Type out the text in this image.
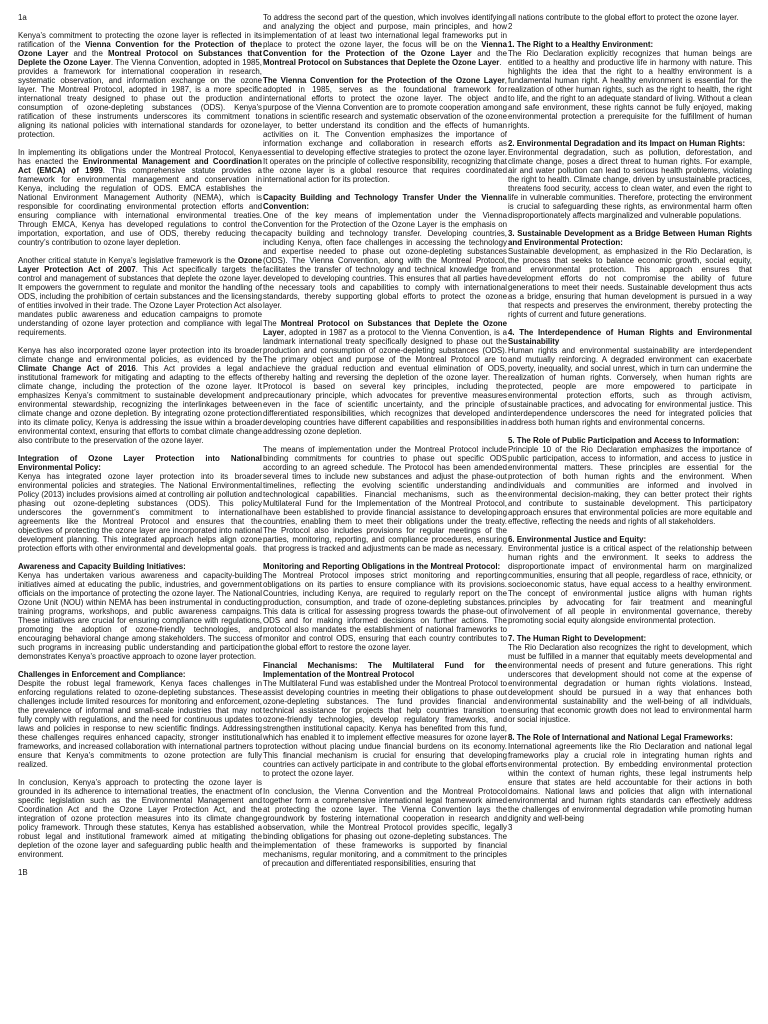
1a

Kenya’s commitment to protecting the ozone layer is reflected in its ratification of the Vienna Convention for the Protection of the Ozone Layer and the Montreal Protocol on Substances that Deplete the Ozone Layer. The Vienna Convention, adopted in 1985, provides a framework for international cooperation in research, systematic observation, and information exchange on the ozone layer. The Montreal Protocol, adopted in 1987, is a more specific international treaty designed to phase out the production and consumption of ozone-depleting substances (ODS). Kenya’s ratification of these instruments underscores its commitment to aligning its national policies with international standards for ozone protection.

In implementing its obligations under the Montreal Protocol, Kenya has enacted the Environmental Management and Coordination Act (EMCA) of 1999. This comprehensive statute provides a framework for environmental management and conservation in Kenya, including the regulation of ODS. EMCA establishes the National Environment Management Authority (NEMA), which is responsible for coordinating environmental protection efforts and ensuring compliance with international environmental treaties. Through EMCA, Kenya has developed regulations to control the importation, exportation, and use of ODS, thereby reducing the country’s contribution to ozone layer depletion.

Another critical statute in Kenya’s legislative framework is the Ozone Layer Protection Act of 2007. This Act specifically targets the control and management of substances that deplete the ozone layer. It empowers the government to regulate and monitor the handling of ODS, including the prohibition of certain substances and the licensing of entities involved in their trade. The Ozone Layer Protection Act also mandates public awareness and education campaigns to promote understanding of ozone layer protection and compliance with legal requirements.

Kenya has also incorporated ozone layer protection into its broader climate change and environmental policies, as evidenced by the Climate Change Act of 2016. This Act provides a legal and institutional framework for mitigating and adapting to the effects of climate change, including the protection of the ozone layer. It emphasizes Kenya’s commitment to sustainable development and environmental stewardship, recognizing the interlinkages between climate change and ozone depletion. By integrating ozone protection into its climate policy, Kenya is addressing the issue within a broader environmental context, ensuring that efforts to combat climate change also contribute to the preservation of the ozone layer.

Integration of Ozone Layer Protection into National Environmental Policy:

Kenya has integrated ozone layer protection into its broader environmental policies and strategies. The National Environmental Policy (2013) includes provisions aimed at controlling air pollution and phasing out ozone-depleting substances (ODS). This policy underscores the government’s commitment to international agreements like the Montreal Protocol and ensures that the objectives of protecting the ozone layer are incorporated into national development planning. This integrated approach helps align ozone protection efforts with other environmental and developmental goals.

Awareness and Capacity Building Initiatives:

Kenya has undertaken various awareness and capacity-building initiatives aimed at educating the public, industries, and government officials on the importance of protecting the ozone layer. The National Ozone Unit (NOU) within NEMA has been instrumental in conducting training programs, workshops, and public awareness campaigns. These initiatives are crucial for ensuring compliance with regulations, promoting the adoption of ozone-friendly technologies, and encouraging behavioral change among stakeholders. The success of such programs in increasing public understanding and participation demonstrates Kenya’s proactive approach to ozone layer protection.

Challenges in Enforcement and Compliance:

Despite the robust legal framework, Kenya faces challenges in enforcing regulations related to ozone-depleting substances. These challenges include limited resources for monitoring and enforcement, the prevalence of informal and small-scale industries that may not fully comply with regulations, and the need for continuous updates to laws and policies in response to new scientific findings. Addressing these challenges requires enhanced capacity, stronger institutional frameworks, and increased collaboration with international partners to ensure that Kenya’s commitments to ozone protection are fully realized.

In conclusion, Kenya’s approach to protecting the ozone layer is grounded in its adherence to international treaties, the enactment of specific legislation such as the Environmental Management and Coordination Act and the Ozone Layer Protection Act, and the integration of ozone protection measures into its climate change policy framework. Through these statutes, Kenya has established a robust legal and institutional framework aimed at mitigating the depletion of the ozone layer and safeguarding public health and the environment.

1B

To address the second part of the question, which involves identifying and analyzing the object and purpose, main principles, and how implementation of at least two international legal frameworks put in place to protect the ozone layer, the focus will be on the Vienna Convention for the Protection of the Ozone Layer and the Montreal Protocol on Substances that Deplete the Ozone Layer.

The Vienna Convention for the Protection of the Ozone Layer, adopted in 1985, serves as the foundational framework for international efforts to protect the ozone layer. The object and purpose of the Vienna Convention are to promote cooperation among nations in scientific research and systematic observation of the ozone layer, to better understand its condition and the effects of human activities on it. The Convention emphasizes the importance of information exchange and collaboration in research efforts as essential to developing effective strategies to protect the ozone layer. It operates on the principle of collective responsibility, recognizing that the ozone layer is a global resource that requires coordinated international action for its protection.

Capacity Building and Technology Transfer Under the Vienna Convention:

One of the key means of implementation under the Vienna Convention for the Protection of the Ozone Layer is the emphasis on capacity building and technology transfer. Developing countries, including Kenya, often face challenges in accessing the technology and expertise needed to phase out ozone-depleting substances (ODS). The Vienna Convention, along with the Montreal Protocol, facilitates the transfer of technology and technical knowledge from developed to developing countries. This ensures that all parties have the necessary tools and capabilities to comply with international standards, thereby supporting global efforts to protect the ozone layer.

The Montreal Protocol on Substances that Deplete the Ozone Layer, adopted in 1987 as a protocol to the Vienna Convention, is a landmark international treaty specifically designed to phase out the production and consumption of ozone-depleting substances (ODS). The primary object and purpose of the Montreal Protocol are to achieve the gradual reduction and eventual elimination of ODS, thereby halting and reversing the depletion of the ozone layer. The Protocol is based on several key principles, including the precautionary principle, which advocates for preventive measures even in the face of scientific uncertainty, and the principle of differentiated responsibilities, which recognizes that developed and developing countries have different capabilities and responsibilities in addressing ozone depletion.

The means of implementation under the Montreal Protocol include binding commitments for countries to phase out specific ODS according to an agreed schedule. The Protocol has been amended several times to include new substances and adjust the phase-out timelines, reflecting the evolving scientific understanding and technological capabilities. Financial mechanisms, such as the Multilateral Fund for the Implementation of the Montreal Protocol, have been established to provide financial assistance to developing countries, enabling them to meet their obligations under the treaty. The Protocol also includes provisions for regular meetings of the parties, monitoring, reporting, and compliance procedures, ensuring that progress is tracked and adjustments can be made as necessary.

Monitoring and Reporting Obligations in the Montreal Protocol:

The Montreal Protocol imposes strict monitoring and reporting obligations on its parties to ensure compliance with its provisions. Countries, including Kenya, are required to regularly report on the production, consumption, and trade of ozone-depleting substances. This data is critical for assessing progress towards the phase-out of ODS and for making informed decisions on further actions. The protocol also mandates the establishment of national frameworks to monitor and control ODS, ensuring that each country contributes to the global effort to restore the ozone layer.

Financial Mechanisms: The Multilateral Fund for the Implementation of the Montreal Protocol

The Multilateral Fund was established under the Montreal Protocol to assist developing countries in meeting their obligations to phase out ozone-depleting substances. The fund provides financial and technical assistance for projects that help countries transition to ozone-friendly technologies, develop regulatory frameworks, and strengthen institutional capacity. Kenya has benefited from this fund, which has enabled it to implement effective measures for ozone layer protection without placing undue financial burdens on its economy. This financial mechanism is crucial for ensuring that developing countries can actively participate in and contribute to the global efforts to protect the ozone layer.

In conclusion, the Vienna Convention and the Montreal Protocol together form a comprehensive international legal framework aimed at protecting the ozone layer. The Vienna Convention lays the groundwork by fostering international cooperation in research and observation, while the Montreal Protocol provides specific, legally binding obligations for phasing out ozone-depleting substances. The implementation of these frameworks is supported by financial mechanisms, regular monitoring, and a commitment to the principles of precaution and differentiated responsibilities, ensuring that

all nations contribute to the global effort to protect the ozone layer.

2

1. The Right to a Healthy Environment:

The Rio Declaration explicitly recognizes that human beings are entitled to a healthy and productive life in harmony with nature. This highlights the idea that the right to a healthy environment is a fundamental human right. A healthy environment is essential for the realization of other human rights, such as the right to health, the right to life, and the right to an adequate standard of living. Without a clean and safe environment, these rights cannot be fully enjoyed, making environmental protection a prerequisite for the fulfillment of human rights.

2. Environmental Degradation and its Impact on Human Rights:

Environmental degradation, such as pollution, deforestation, and climate change, poses a direct threat to human rights. For example, air and water pollution can lead to serious health problems, violating the right to health. Climate change, driven by unsustainable practices, threatens food security, access to clean water, and even the right to life in vulnerable communities. Therefore, protecting the environment is crucial to safeguarding these rights, as environmental harm often disproportionately affects marginalized and vulnerable populations.

3. Sustainable Development as a Bridge Between Human Rights and Environmental Protection:

Sustainable development, as emphasized in the Rio Declaration, is the process that seeks to balance economic growth, social equity, and environmental protection. This approach ensures that development efforts do not compromise the ability of future generations to meet their needs. Sustainable development thus acts as a bridge, ensuring that human development is pursued in a way that respects and preserves the environment, thereby protecting the rights of current and future generations.

4. The Interdependence of Human Rights and Environmental Sustainability

Human rights and environmental sustainability are interdependent and mutually reinforcing. A degraded environment can exacerbate poverty, inequality, and social unrest, which in turn can undermine the realization of human rights. Conversely, when human rights are protected, people are more empowered to participate in environmental protection efforts, such as through activism, sustainable practices, and advocating for environmental justice. This interdependence underscores the need for integrated policies that address both human rights and environmental concerns.

5. The Role of Public Participation and Access to Information:

Principle 10 of the Rio Declaration emphasizes the importance of public participation, access to information, and access to justice in environmental matters. These principles are essential for the protection of both human rights and the environment. When individuals and communities are informed and involved in environmental decision-making, they can better protect their rights and contribute to sustainable development. This participatory approach ensures that environmental policies are more equitable and effective, reflecting the needs and rights of all stakeholders.

6. Environmental Justice and Equity:

Environmental justice is a critical aspect of the relationship between human rights and the environment. It seeks to address the disproportionate impact of environmental harm on marginalized communities, ensuring that all people, regardless of race, ethnicity, or socioeconomic status, have equal access to a healthy environment. The concept of environmental justice aligns with human rights principles by advocating for fair treatment and meaningful involvement of all people in environmental governance, thereby promoting social equity alongside environmental protection.

7. The Human Right to Development:

The Rio Declaration also recognizes the right to development, which must be fulfilled in a manner that equitably meets developmental and environmental needs of present and future generations. This right underscores that development should not come at the expense of environmental degradation or human rights violations. Instead, development should be pursued in a way that enhances both environmental sustainability and the well-being of all individuals, ensuring that economic growth does not lead to environmental harm or social injustice.

8. The Role of International and National Legal Frameworks:

International agreements like the Rio Declaration and national legal frameworks play a crucial role in integrating human rights and environmental protection. By embedding environmental protection within the context of human rights, these legal instruments help ensure that states are held accountable for their actions in both domains. National laws and policies that align with international environmental and human rights standards can effectively address the challenges of environmental degradation while promoting human dignity and well-being

3
